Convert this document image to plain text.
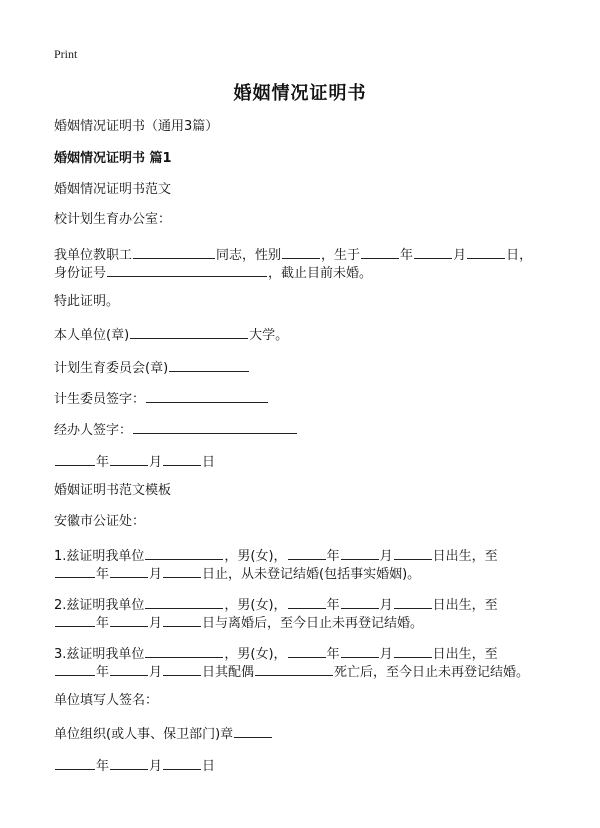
Print
婚姻情况证明书
婚姻情况证明书（通用3篇）
婚姻情况证明书 篇1
婚姻情况证明书范文
校计划生育办公室：
我单位教职工	同志，性别	，生于	年	月	日，
身份证号	，截止目前未婚。
特此证明。
本人单位(章)	大学。
计划生育委员会(章)
计生委员签字：
经办人签字：
年	月	日
婚姻证明书范文模板
安徽市公证处：
1.兹证明我单位	，男(女)，	年	月	日出生，至
年	月	日止，从未登记结婚(包括事实婚姻)。
2.兹证明我单位	，男(女)，	年	月	日出生，至
年	月	日与离婚后，至今日止未再登记结婚。
3.兹证明我单位	，男(女)，	年	月	日出生，至
年	月	日其配偶	死亡后，至今日止未再登记结婚。
单位填写人签名：
单位组织(或人事、保卫部门)章
年	月	日
